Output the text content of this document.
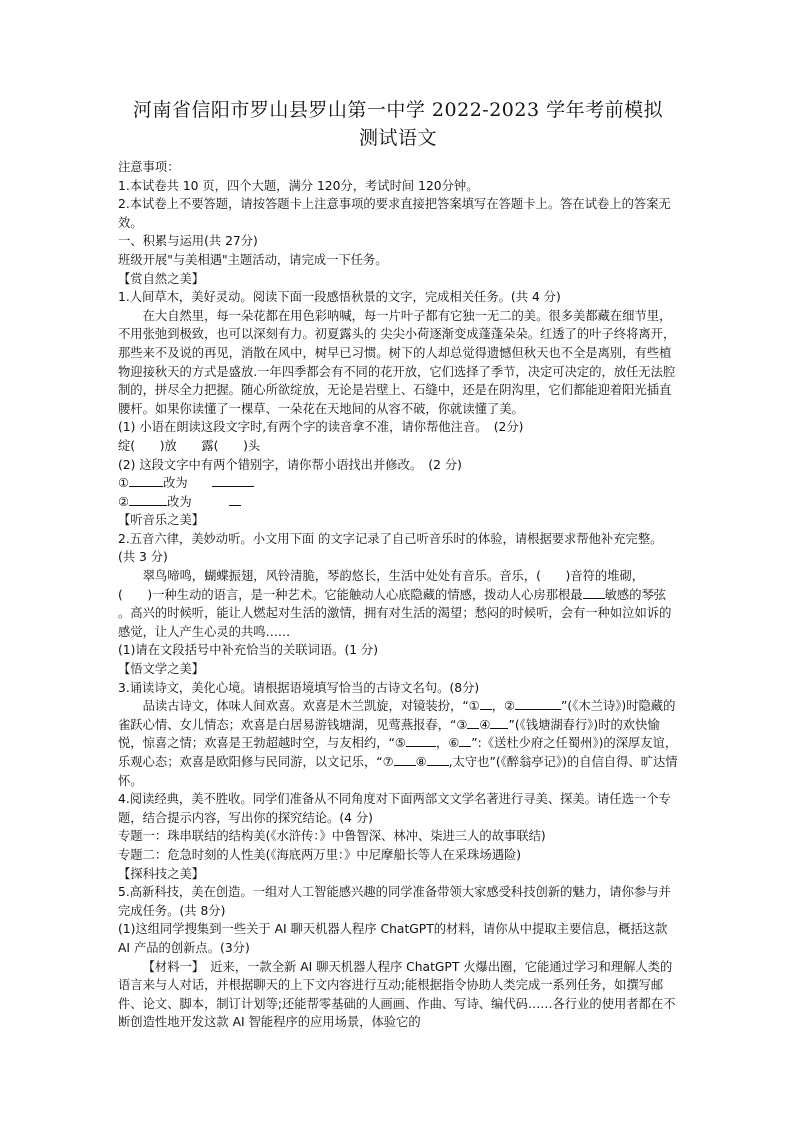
河南省信阳市罗山县罗山第一中学 2022-2023 学年考前模拟
测试语文

注意事项：

1.本试卷共 10 页，四个大题，满分 120分，考试时间 120分钟。

2.本试卷上不要答题，请按答题卡上注意事项的要求直接把答案填写在答题卡上。答在试卷上的答案无效。

一、积累与运用(共 27分)

班级开展"与美相遇"主题活动，请完成一下任务。

【赏自然之美】

1.人间草木，美好灵动。阅读下面一段感悟秋景的文字，完成相关任务。(共 4 分)

在大自然里，每一朵花都在用色彩呐喊，每一片叶子都有它独一无二的美。很多美都藏在细节里，不用张弛到极致，也可以深刻有力。初夏露头的 尖尖小荷逐渐变成蓬蓬朵朵。红透了的叶子终将离开，那些来不及说的再见，消散在风中，树早已习惯。树下的人却总觉得遗憾但秋天也不全是离别，有些植物迎接秋天的方式是盛放.一年四季都会有不同的花开放，它们选择了季节，决定可决定的，放任无法腔制的，拼尽全力把握。随心所欲绽放，无论是岩壁上、石缝中，还是在阴沟里，它们都能迎着阳光插直腰杆。如果你读懂了一棵草、一朵花在天地间的从容不破，你就读懂了美。

(1) 小语在朗读这段文字时,有两个字的读音拿不准，请你帮他注音。　(2分)

绽(　　)放　　露(　　)头

(2) 这段文字中有两个错别字，请你帮小语找出并修改。　(2 分)

①	改为　　

②	改为　　　

【听音乐之美】

2.五音六律，美妙动听。小文用下面 的文字记录了自己听音乐时的体验，请根据要求帮他补充完整。(共 3 分)

翠鸟啼鸣，蝴蝶振翅，风铃清脆，琴韵悠长，生活中处处有音乐。音乐，(　　)音符的堆砌，(　　)一种生动的语言，是一种艺术。它能触动人心底隐藏的情感，拨动人心房那根最 敏感的琴弦 。高兴的时候听，能让人燃起对生活的激情，拥有对生活的渴望；愁闷的时候听，会有一种如泣如诉的感觉，让人产生心灵的共鸣……

(1)请在文段括号中补充恰当的关联词语。(1 分)

【悟文学之美】

3.诵读诗文，美化心境。请根据语境填写恰当的古诗文名句。(8分)

品读古诗文，体味人间欢喜。欢喜是木兰凯旋，对镜装扮，“① ，②	”(《木兰诗》)时隐藏的雀跃心情、女儿情态；欢喜是白居易游钱塘湖，见莺燕报春，“③ ④ ”(《钱塘湖春行》)时的欢快愉悦，惊喜之情；欢喜是王勃超越时空，与友相约，“⑤ ，⑥ ”:《送杜少府之任蜀州》)的深厚友谊，乐观心态；欢喜是欧阳修与民同游，以文记乐，“⑦ ⑧ ,太守也”(《醉翁亭记》)的自信自得、旷达情怀。

4.阅读经典，美不胜收。同学们准备从不同角度对下面两部文文学名著进行寻美、探美。请任选一个专题，结合提示内容，写出你的探究结论。(4 分)

专题一：珠串联结的结构美(《水浒传：》中鲁智深、林冲、柒进三人的故事联结)

专题二：危急时刻的人性美(《海底两万里：》中尼摩船长等人在采珠场遇险)

【探科技之美】

5.高新科技，美在创造。一组对人工智能感兴趣的同学准备带领大家感受科技创新的魅力，请你参与并完成任务。(共 8分)

(1)这组同学搜集到一些关于 AI 聊天机器人程序 ChatGPT的材料，请你从中提取主要信息，概括这款 AI 产品的创新点。(3分)

【材料一】　近来，一款全新 AI 聊天机器人程序 ChatGPT 火爆出圈，它能通过学习和理解人类的语言来与人对话，并根据聊天的上下文内容进行互动;能根据指令协助人类完成一系列任务，如撰写邮件、论文、脚本，制订计划等;还能帮零基础的人画画、作曲、写诗、编代码……各行业的使用者都在不断创造性地开发这款 AI 智能程序的应用场景，体验它的
